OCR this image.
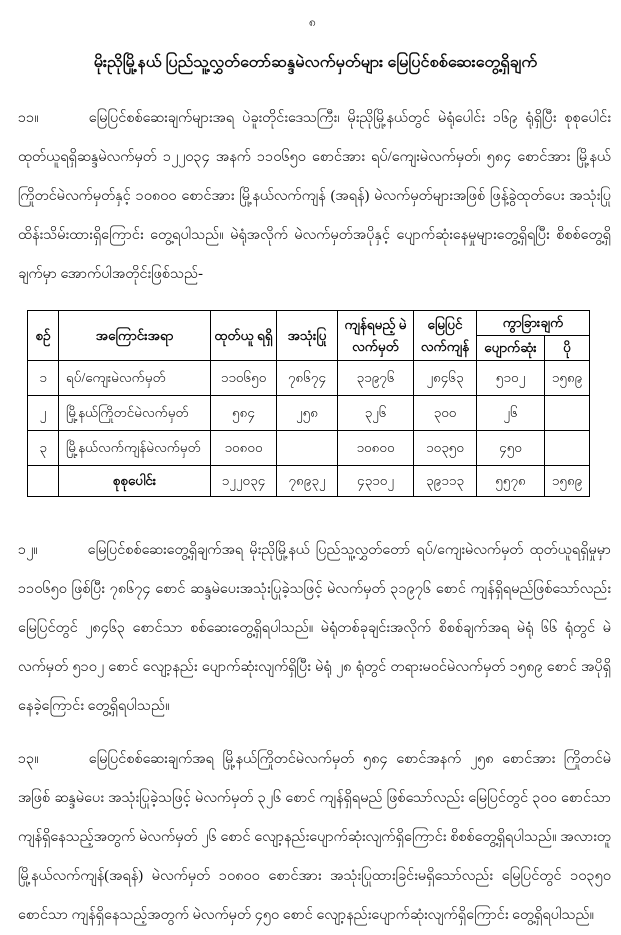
၈
မိုးညိုမြို့နယ် ပြည်သူ့လွှတ်တော်ဆန္ဒမဲလက်မှတ်များ မြေပြင်စစ်ဆေးတွေ့ရှိချက်
၁၁။	မြေပြင်စစ်ဆေးချက်များအရ ပဲခူးတိုင်းဒေသကြီး၊ မိုးညိုမြို့နယ်တွင် မဲရုံပေါင်း ၁၆၉ ရုံရှိပြီး စုစုပေါင်း ထုတ်ယူရရှိဆန္ဒမဲလက်မှတ် ၁၂၂၀၃၄ အနက် ၁၁၀၆၅၀ စောင်အား ရပ်/ကျေးမဲလက်မှတ်၊ ၅၈၄ စောင်အား မြို့နယ်ကြိုတင်မဲလက်မှတ်နှင့် ၁၀၈၀၀ စောင်အား မြို့နယ်လက်ကျန် (အရန်) မဲလက်မှတ်များအဖြစ် ဖြန့်ခွဲထုတ်ပေး အသုံးပြုထိန်းသိမ်းထားရှိကြောင်း တွေ့ရပါသည်။ မဲရုံအလိုက် မဲလက်မှတ်အပိုနှင့် ပျောက်ဆုံးနေမှုများတွေ့ရှိရပြီး စိစစ်တွေ့ရှိချက်မှာ အောက်ပါအတိုင်းဖြစ်သည်-
စဉ်	အကြောင်းအရာ	ထုတ်ယူ ရရှိ	အသုံးပြု	ကျန်ရမည့် မဲလက်မှတ်	မြေပြင် လက်ကျန်	ကွာခြားချက်	
						ပျောက်ဆုံး	ပို
၁	ရပ်/ကျေးမဲလက်မှတ်	၁၁၀၆၅၀	၇၈၆၇၄	၃၁၉၇၆	၂၈၄၆၃	၅၁၀၂	၁၅၈၉
၂	မြို့နယ်ကြိုတင်မဲလက်မှတ်	၅၈၄	၂၅၈	၃၂၆	၃၀၀	၂၆	
၃	မြို့နယ်လက်ကျန်မဲလက်မှတ်	၁၀၈၀၀		၁၀၈၀၀	၁၀၃၅၀	၄၅၀	
	စုစုပေါင်း	၁၂၂၀၃၄	၇၈၉၃၂	၄၃၁၀၂	၃၉၁၁၃	၅၅၇၈	၁၅၈၉
၁၂။	မြေပြင်စစ်ဆေးတွေ့ရှိချက်အရ မိုးညိုမြို့နယ် ပြည်သူ့လွှတ်တော် ရပ်/ကျေးမဲလက်မှတ် ထုတ်ယူရရှိမှုမှာ ၁၁၀၆၅၀ ဖြစ်ပြီး ၇၈၆၇၄ စောင် ဆန္ဒမဲပေးအသုံးပြုခဲ့သဖြင့် မဲလက်မှတ် ၃၁၉၇၆ စောင် ကျန်ရှိရမည်ဖြစ်သော်လည်း မြေပြင်တွင် ၂၈၄၆၃ စောင်သာ စစ်ဆေးတွေ့ရှိရပါသည်။ မဲရုံတစ်ခုချင်းအလိုက် စိစစ်ချက်အရ မဲရုံ ၆၆ ရုံတွင် မဲလက်မှတ် ၅၁၀၂ စောင် လျော့နည်း ပျောက်ဆုံးလျက်ရှိပြီး မဲရုံ ၂၈ ရုံတွင် တရားမဝင်မဲလက်မှတ် ၁၅၈၉ စောင် အပိုရှိနေခဲ့ကြောင်း တွေ့ရှိရပါသည်။
၁၃။	မြေပြင်စစ်ဆေးချက်အရ မြို့နယ်ကြိုတင်မဲလက်မှတ် ၅၈၄ စောင်အနက် ၂၅၈ စောင်အား ကြိုတင်မဲအဖြစ် ဆန္ဒမဲပေး အသုံးပြုခဲ့သဖြင့် မဲလက်မှတ် ၃၂၆ စောင် ကျန်ရှိရမည် ဖြစ်သော်လည်း မြေပြင်တွင် ၃၀၀ စောင်သာ ကျန်ရှိနေသည့်အတွက် မဲလက်မှတ် ၂၆ စောင် လျော့နည်းပျောက်ဆုံးလျက်ရှိကြောင်း စိစစ်တွေ့ရှိရပါသည်။ အလားတူ မြို့နယ်လက်ကျန်(အရန်) မဲလက်မှတ် ၁၀၈၀၀ စောင်အား အသုံးပြုထားခြင်းမရှိသော်လည်း မြေပြင်တွင် ၁၀၃၅၀ စောင်သာ ကျန်ရှိနေသည့်အတွက် မဲလက်မှတ် ၄၅၀ စောင် လျော့နည်းပျောက်ဆုံးလျက်ရှိကြောင်း တွေ့ရှိရပါသည်။
